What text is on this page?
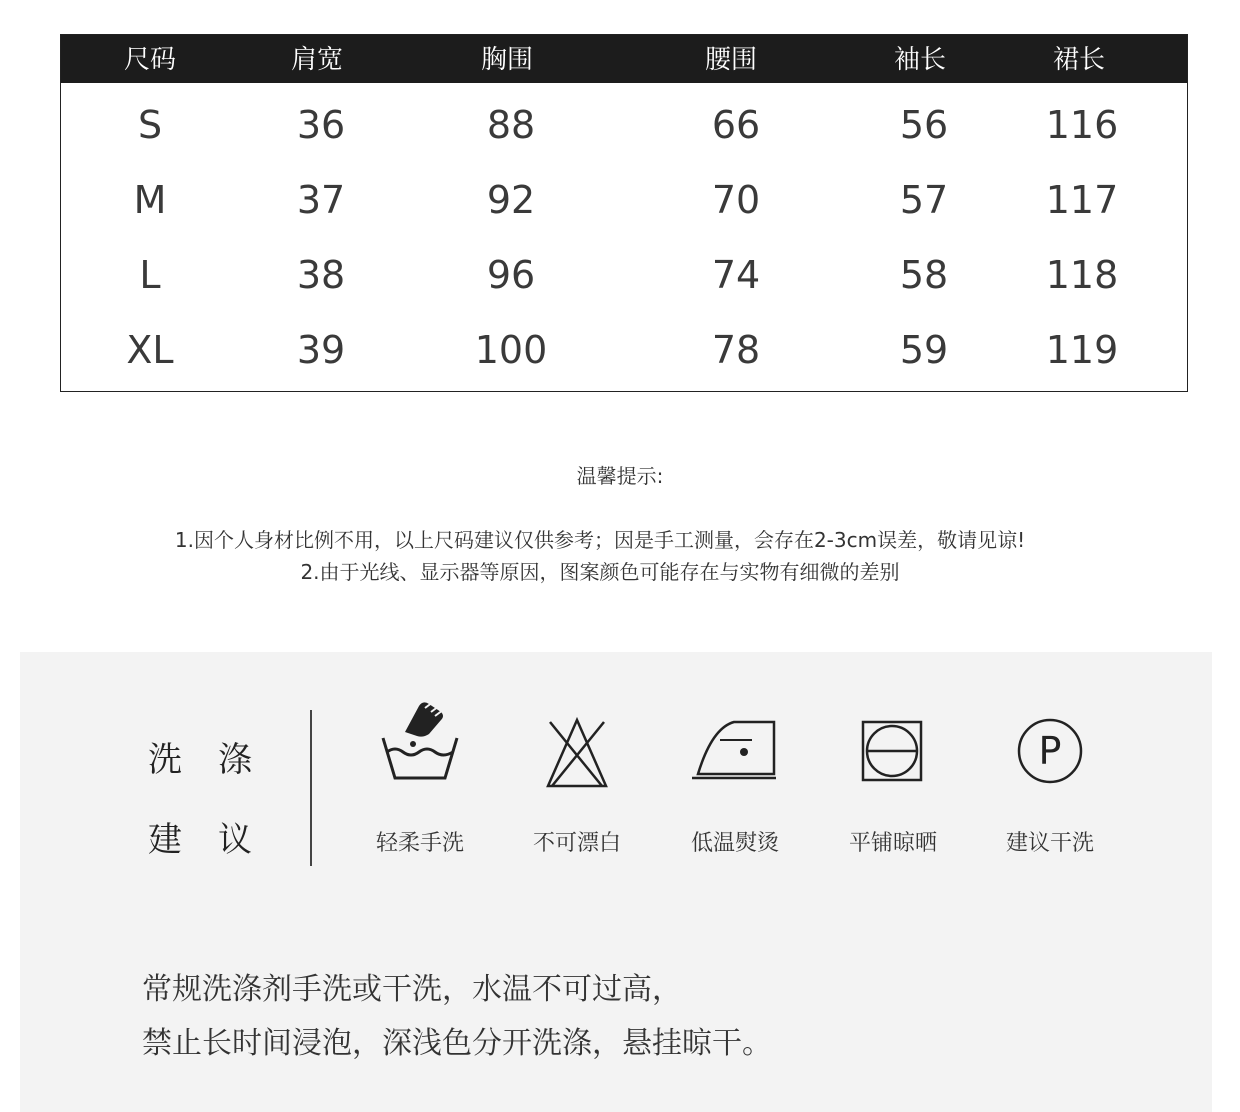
尺码	肩宽	胸围	腰围	袖长	裙长
S	36	88	66	56	116
M	37	92	70	57	117
L	38	96	74	58	118
XL	39	100	78	59	119
温馨提示:
1.因个人身材比例不用，以上尺码建议仅供参考；因是手工测量，会存在2-3cm误差，敬请见谅!
2.由于光线、显示器等原因，图案颜色可能存在与实物有细微的差别
洗涤
建议	轻柔手洗	不可漂白	低温熨烫	平铺晾晒
P
建议干洗
常规洗涤剂手洗或干洗，水温不可过高，
禁止长时间浸泡，深浅色分开洗涤，悬挂晾干。
